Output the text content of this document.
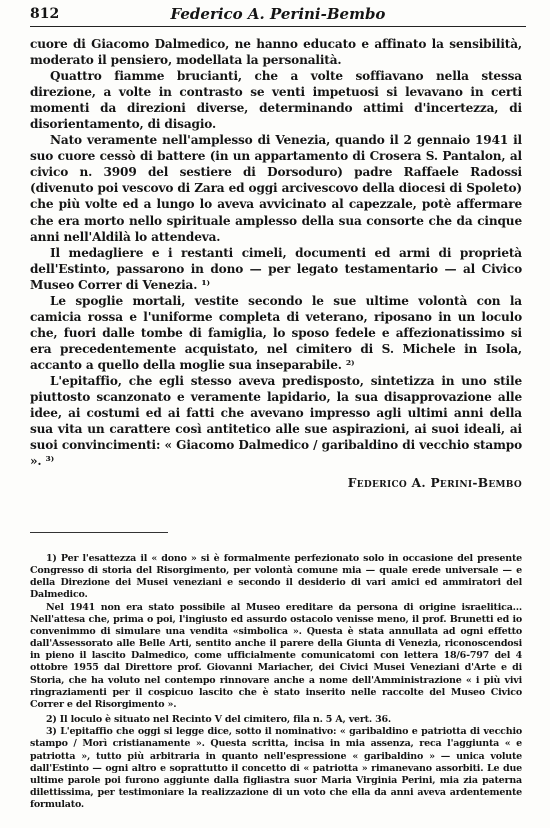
812	Federico A. Perini-Bembo

cuore di Giacomo Dalmedico, ne hanno educato e affinato la sensibilità, moderato il pensiero, modellata la personalità.

Quattro fiamme brucianti, che a volte soffiavano nella stessa direzione, a volte in contrasto se venti impetuosi si levavano in certi momenti da direzioni diverse, determinando attimi d'incertezza, di disorientamento, di disagio.

Nato veramente nell'amplesso di Venezia, quando il 2 gennaio 1941 il suo cuore cessò di battere (in un appartamento di Crosera S. Pantalon, al civico n. 3909 del sestiere di Dorsoduro) padre Raffaele Radossi (divenuto poi vescovo di Zara ed oggi arcivescovo della diocesi di Spoleto) che più volte ed a lungo lo aveva avvicinato al capezzale, potè affermare che era morto nello spirituale amplesso della sua consorte che da cinque anni nell'Aldilà lo attendeva.

Il medagliere e i restanti cimeli, documenti ed armi di proprietà dell'Estinto, passarono in dono — per legato testamentario — al Civico Museo Correr di Venezia. ¹⁾

Le spoglie mortali, vestite secondo le sue ultime volontà con la camicia rossa e l'uniforme completa di veterano, riposano in un loculo che, fuori dalle tombe di famiglia, lo sposo fedele e affezionatissimo si era precedentemente acquistato, nel cimitero di S. Michele in Isola, accanto a quello della moglie sua inseparabile. ²⁾

L'epitaffio, che egli stesso aveva predisposto, sintetizza in uno stile piuttosto scanzonato e veramente lapidario, la sua disapprovazione alle idee, ai costumi ed ai fatti che avevano impresso agli ultimi anni della sua vita un carattere così antitetico alle sue aspirazioni, ai suoi ideali, ai suoi convincimenti: « Giacomo Dalmedico / garibaldino di vecchio stampo ». ³⁾

Federico A. Perini-Bembo

1) Per l'esattezza il « dono » si è formalmente perfezionato solo in occasione del presente Congresso di storia del Risorgimento, per volontà comune mia — quale erede universale — e della Direzione dei Musei veneziani e secondo il desiderio di vari amici ed ammiratori del Dalmedico.

Nel 1941 non era stato possibile al Museo ereditare da persona di origine israelitica... Nell'attesa che, prima o poi, l'ingiusto ed assurdo ostacolo venisse meno, il prof. Brunetti ed io convenimmo di simulare una vendita «simbolica ». Questa è stata annullata ad ogni effetto dall'Assessorato alle Belle Arti, sentito anche il parere della Giunta di Venezia, riconoscendosi in pieno il lascito Dalmedico, come ufficialmente comunicatomi con lettera 18/6-797 del 4 ottobre 1955 dal Direttore prof. Giovanni Mariacher, dei Civici Musei Veneziani d'Arte e di Storia, che ha voluto nel contempo rinnovare anche a nome dell'Amministrazione « i più vivi ringraziamenti per il cospicuo lascito che è stato inserito nelle raccolte del Museo Civico Correr e del Risorgimento ».

2) Il loculo è situato nel Recinto V del cimitero, fila n. 5 A, vert. 36.

3) L'epitaffio che oggi si legge dice, sotto il nominativo: « garibaldino e patriotta di vecchio stampo / Morì cristianamente ». Questa scritta, incisa in mia assenza, reca l'aggiunta « e patriotta », tutto più arbitraria in quanto nell'espressione « garibaldino » — unica volute dall'Estinto — ogni altro e soprattutto il concetto di « patriotta » rimanevano assorbiti. Le due ultime parole poi furono aggiunte dalla figliastra suor Maria Virginia Perini, mia zia paterna dilettissima, per testimoniare la realizzazione di un voto che ella da anni aveva ardentemente formulato.
